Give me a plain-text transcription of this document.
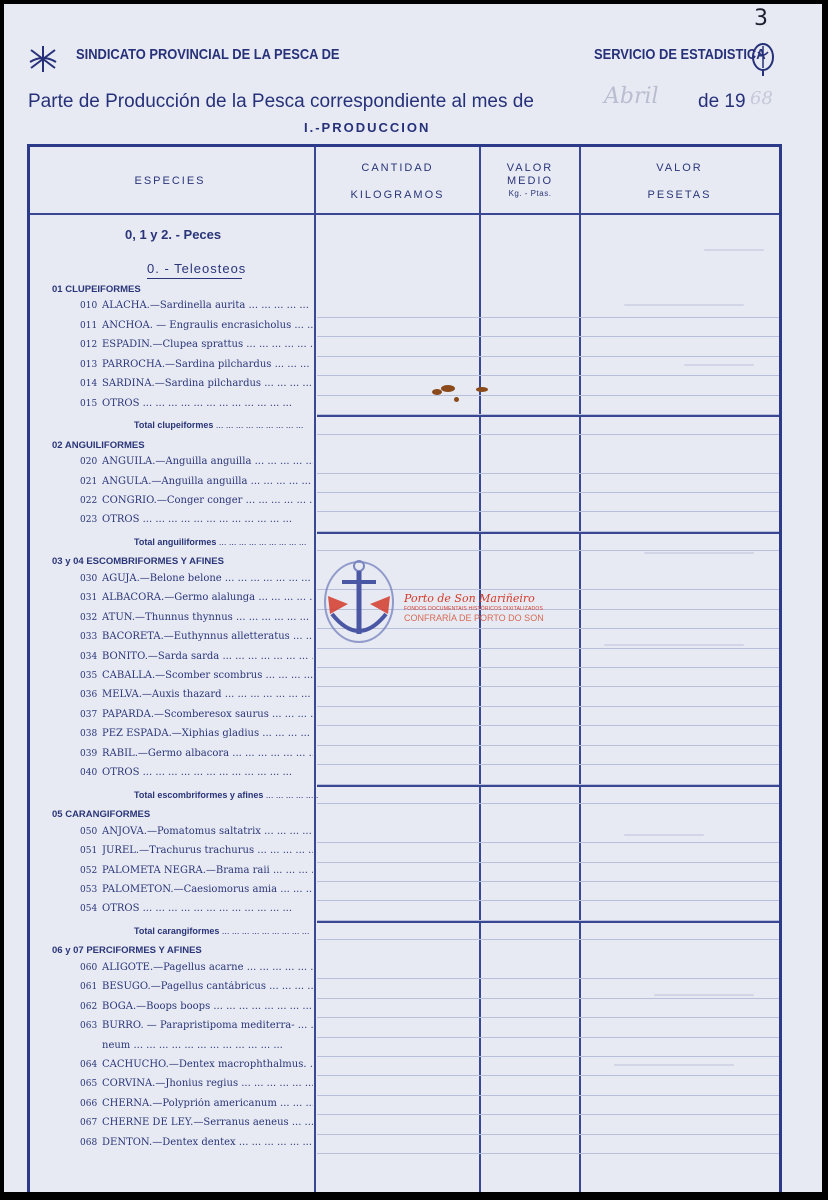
3
SINDICATO PROVINCIAL DE LA PESCA DE	SERVICIO DE ESTADISTICA
Parte de Producción de la Pesca correspondiente al mes de	Abril de 19 68
I.-PRODUCCION
ESPECIES
CANTIDAD
KILOGRAMOS
VALOR
MEDIO
Kg. - Ptas.
VALOR
PESETAS
0, 1 y 2. - Peces
0. - Teleosteos
01 CLUPEIFORMES
010 ALACHA.—Sardinella aurita ... .
011 ANCHOA. — Engraulis encrasicholus ... .
012 ESPADIN.—Clupea sprattus ... .
013 PARROCHA.—Sardina pilchardus ... .
014 SARDINA.—Sardina pilchardus ... .
015 OTROS ... .
Total clupeiformes ... .
02 ANGUILIFORMES
020 ANGUILA.—Anguilla anguilla ... .
021 ANGULA.—Anguilla anguilla ... .
022 CONGRIO.—Conger conger ... .
023 OTROS ... .
Total anguiliformes ... .
03 y 04 ESCOMBRIFORMES Y AFINES
030 AGUJA.—Belone belone ... .
031 ALBACORA.—Germo alalunga ... .
032 ATUN.—Thunnus thynnus ... .
033 BACORETA.—Euthynnus alletteratus ... .
034 BONITO.—Sarda sarda ... .
035 CABALLA.—Scomber scombrus ... .
036 MELVA.—Auxis thazard ... .
037 PAPARDA.—Scomberesox saurus ... .
038 PEZ ESPADA.—Xiphias gladius ... .
039 RABIL.—Germo albacora ... .
040 OTROS ... .
Total escombriformes y afines ... .
05 CARANGIFORMES
050 ANJOVA.—Pomatomus saltatrix ... .
051 JUREL.—Trachurus trachurus ... .
052 PALOMETA NEGRA.—Brama raii ... .
053 PALOMETON.—Caesiomorus amia ... .
054 OTROS ... .
Total carangiformes ... .
06 y 07 PERCIFORMES Y AFINES
060 ALIGOTE.—Pagellus acarne ... .
061 BESUGO.—Pagellus cantábricus ... .
062 BOGA.—Boops boops ... .
063 BURRO. — Parapristipoma mediterra- ... .
neum ... .
064 CACHUCHO.—Dentex macrophthalmus. ... .
065 CORVINA.—Jhonius regius ... .
066 CHERNA.—Polyprión americanum ... .
067 CHERNE DE LEY.—Serranus aeneus ... .
068 DENTON.—Dentex dentex ... .
Porto de Son Mariñeiro
FONDOS DOCUMENTAIS HISTÓRICOS DIXITALIZADOS
CONFRARÍA DE PORTO DO SON
